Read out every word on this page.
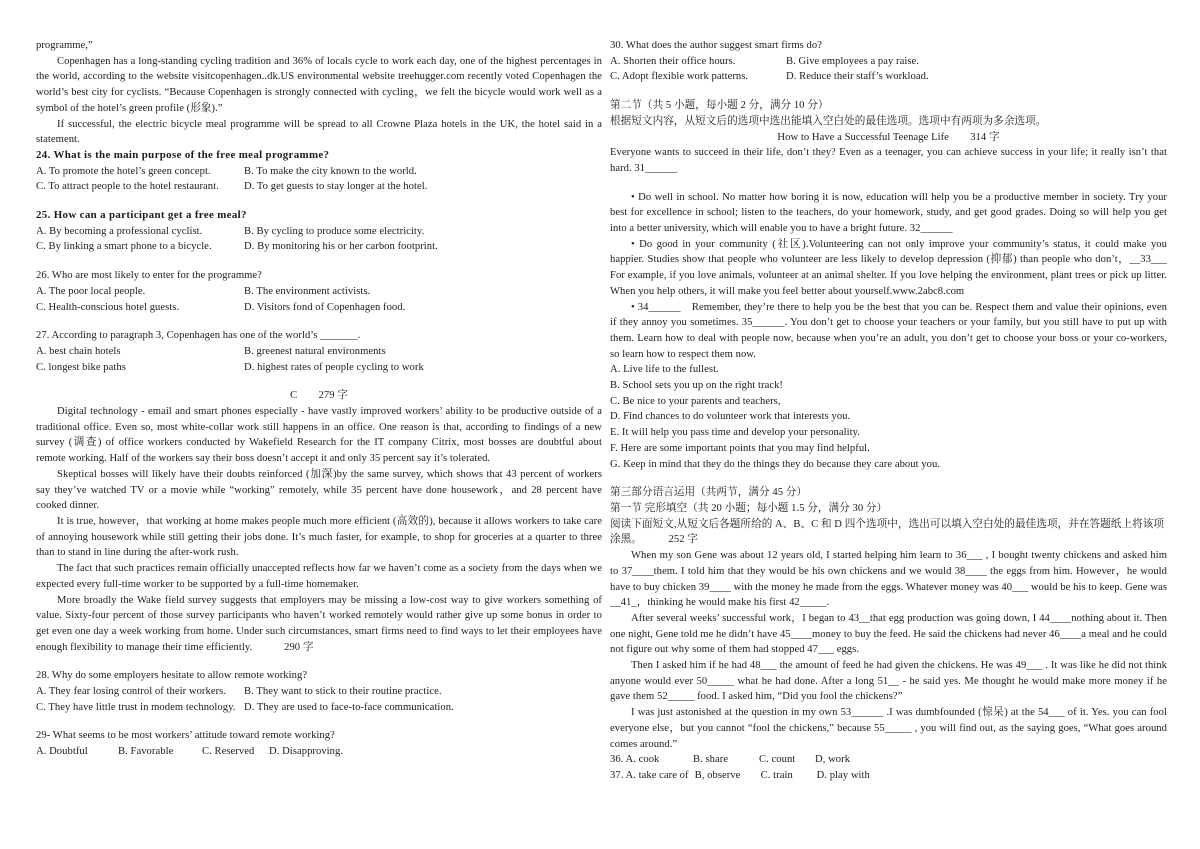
programme,”
Copenhagen has a long-standing cycling tradition and 36% of locals cycle to work each day, one of the highest percentages in the world, according to the website visitcopenhagen..dk.US environmental website treehugger.com recently voted Copenhagen the world’s best city for cyclists. “Because Copenhagen is strongly connected with cycling，we felt the bicycle would work well as a symbol of the hotel’s green profile (形象).”
If successful, the electric bicycle meal programme will be spread to all Crowne Plaza hotels in the UK, the hotel said in a statement.
24. What is the main purpose of the free meal programme?
A. To promote the hotel’s green concept.	B. To make the city known to the world.
C. To attract people to the hotel restaurant. D. To get guests to stay longer at the hotel.
25. How can a participant get a free meal?
A. By becoming a professional cyclist.	B. By cycling to produce some electricity.
C. By linking a smart phone to a bicycle.	D. By monitoring his or her carbon footprint.
26. Who are most likely to enter for the programme?
A. The poor local people.	B. The environment activists.
C. Health-conscious hotel guests.	D. Visitors fond of Copenhagen food.
27. According to paragraph 3, Copenhagen has one of the world’s _______.
A. best chain hotels	B. greenest natural environments
C. longest bike paths	D. highest rates of people cycling to work
C　　279 字
Digital technology - email and smart phones especially - have vastly improved workers’ ability to be productive outside of a traditional office. Even so, most white-collar work still happens in an office. One reason is that, according to findings of a new survey (调查) of office workers conducted by Wakefield Research for the IT company Citrix, most bosses are doubtful about remote working. Half of the workers say their boss doesn’t accept it and only 35 percent say it’s tolerated.
Skeptical bosses will likely have their doubts reinforced (加深)by the same survey, which shows that 43 percent of workers say they’ve watched TV or a movie while “working” remotely, while 35 percent have done housework，and 28 percent have cooked dinner.
It is true, however，that working at home makes people much more efficient (高效的), because it allows workers to take care of annoying housework while still getting their jobs done. It’s much faster, for example, to shop for groceries at a quarter to three than to stand in line during the after-work rush.
The fact that such practices remain officially unaccepted reflects how far we haven’t come as a society from the days when we expected every full-time worker to be supported by a full-time homemaker.
More broadly the Wake field survey suggests that employers may be missing a low-cost way to give workers something of value. Sixty-four percent of those survey participants who haven’t worked remotely would rather give up some bonus in order to get even one day a week working from home. Under such circumstances, smart firms need to find ways to let their employees have enough flexibility to manage their time efficiently.　　　290 字
28. Why do some employers hesitate to allow remote working?
A. They fear losing control of their workers. B. They want to stick to their routine practice.
C. They have little trust in modem technology. D. They are used to face-to-face communication.
29- What seems to be most workers’ attitude toward remote working?
A. Doubtful	B. Favorable	C. Reserved D. Disapproving.
30. What does the author suggest smart firms do?
A. Shorten their office hours.	B. Give employees a pay raise.
C. Adopt flexible work patterns.	D. Reduce their staff’s workload.
第二节（共 5 小题，每小题 2 分，满分 10 分）
根据短文内容，从短文后的选项中选出能填入空白处的最佳选项。选项中有两项为多余选项。
How to Have a Successful Teenage Life　　314 字
Everyone wants to succeed in their life, don’t they? Even as a teenager, you can achieve success in your life; it really isn’t that hard. 31______
• Do well in school. No matter how boring it is now, education will help you be a productive member in society. Try your best for excellence in school; listen to the teachers, do your homework, study, and get good grades. Doing so will help you get into a better university, which will enable you to have a bright future. 32______
• Do good in your community (社区).Volunteering can not only improve your community’s status, it could make you happier. Studies show that people who volunteer are less likely to develop depression (抑郁) than people who don’t，__33___ For example, if you love animals, volunteer at an animal shelter. If you love helping the environment, plant trees or pick up litter. When you help others, it will make you feel better about yourself.www.2abc8.com
• 34______　Remember, they’re there to help you be the best that you can be. Respect them and value their opinions, even if they annoy you sometimes. 35______. You don’t get to choose your teachers or your family, but you still have to put up with them. Learn how to deal with people now, because when you’re an adult, you don’t get to choose your boss or your co-workers, so learn how to respect them now.
A. Live life to the fullest.
B. School sets you up on the right track!
C. Be nice to your parents and teachers,
D. Find chances to do volunteer work that interests you.
E. It will help you pass time and develop your personality.
F. Here are some important points that you may find helpful.
G. Keep in mind that they do the things they do because they care about you.
第三部分语言运用（共两节，满分 45 分）
第一节 完形填空（共 20 小题；每小题 1.5 分，满分 30 分）
阅读下面短文,从短文后各题所给的 A、B、C 和 D 四个选项中，选出可以填入空白处的最佳选项，并在答题纸上将该项涂黑。　　　252 字
When my son Gene was about 12 years old, I started helping him learn to 36___ , I bought twenty chickens and asked him to 37____them. I told him that they would be his own chickens and we would 38____ the eggs from him. However，he would have to buy chicken 39____ with the money he made from the eggs. Whatever money was 40___ would be his to keep. Gene was __41_，thinking he would make his first 42_____.
After several weeks’ successful work，I began to 43__that egg production was going down, I 44____nothing about it. Then one night, Gene told me he didn’t have 45____money to buy the feed. He said the chickens had never 46____a meal and he could not figure out why some of them had stopped 47___ eggs.
Then I asked him if he had 48___ the amount of feed he had given the chickens. He was 49___ . It was like he did not think anyone would ever 50_____ what he had done. After a long 51__ - he said yes. Me thought he would make more money if he gave them 52_____ food. I asked him, “Did you fool the chickens?”
I was just astonished at the question in my own 53______ .I was dumbfounded (惊呆) at the 54___ of it. Yes. you can fool everyone else，but you cannot “fool the chickens,” because 55_____ , you will find out, as the saying goes, “What goes around comes around.”
36. A. cook	B. share	C. count D, work
37. A. take care of B, observe C. train D. play with
